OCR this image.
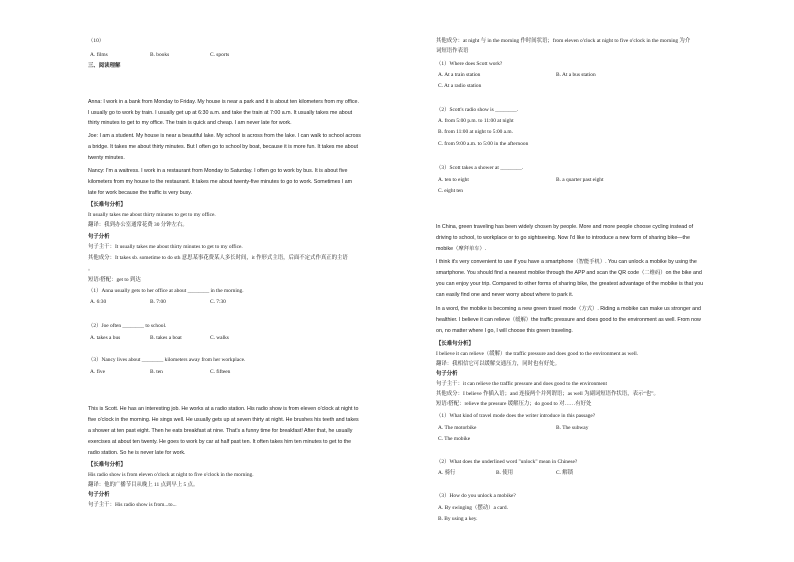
（10）
A. films	B. books	C. sports
三、阅读理解
Anna: I work in a bank from Monday to Friday. My house is near a park and it is about ten kilometers from my office.
I usually go to work by train. I usually get up at 6:30 a.m. and take the train at 7:00 a.m. It usually takes me about
thirty minutes to get to my office. The train is quick and cheap. I am never late for work.
Joe: I am a student. My house is near a beautiful lake. My school is across from the lake. I can walk to school across
a bridge. It takes me about thirty minutes. But I often go to school by boat, because it is more fun. It takes me about
twenty minutes.
Nancy: I'm a waitress. I work in a restaurant from Monday to Saturday. I often go to work by bus. It is about five
kilometers from my house to the restaurant. It takes me about twenty-five minutes to go to work. Sometimes I am
late for work because the traffic is very busy.
【长难句分析】
It usually takes me about thirty minutes to get to my office.
翻译：我到办公室通常花费 30 分钟左右。
句子分析
句子主干：It usually takes me about thirty minutes to get to my office.
其他成分：It takes sb. sometime to do sth 意思某事花费某人多长时间，it 作形式主语，后面不定式作真正的主语
。
短语/搭配：get to 到达
（1）Anna usually gets to her office at about ________ in the morning.
A. 6:30	B. 7:00	C. 7:30
（2）Joe often ________ to school.
A. takes a bus	B. takes a boat	C. walks
（3）Nancy lives about ________ kilometers away from her workplace.
A. five	B. ten	C. fifteen
This is Scott. He has an interesting job. He works at a radio station. His radio show is from eleven o'clock at night to
five o'clock in the morning. He sings well. He usually gets up at seven thirty at night. He brushes his teeth and takes
a shower at ten past eight. Then he eats breakfast at nine. That's a funny time for breakfast! After that, he usually
exercises at about ten twenty. He goes to work by car at half past ten. It often takes him ten minutes to get to the
radio station. So he is never late for work.
【长难句分析】
His radio show is from eleven o'clock at night to five o'clock in the morning.
翻译：他的广播节目从晚上 11 点到早上 5 点。
句子分析
句子主干：His radio show is from...to...
其他成分：at night 与 in the morning 作时间状语；from eleven o'clock at night to five o'clock in the morning 为介
词短语作表语
（1）Where does Scott work?
A. At a train station	B. At a bus station
C. At a radio station
（2）Scott's radio show is ________.
A. from 5:00 p.m. to 11:00 at night
B. from 11:00 at night to 5:00 a.m.
C. from 9:00 a.m. to 5:00 in the afternoon
（3）Scott takes a shower at ________.
A. ten to eight	B. a quarter past eight
C. eight ten
In China, green traveling has been widely chosen by people. More and more people choose cycling instead of
driving to school, to workplace or to go sightseeing. Now I'd like to introduce a new form of sharing bike—the
mobike（摩拜单车）.
I think it's very convenient to use if you have a smartphone（智能手机）. You can unlock a mobike by using the
smartphone. You should find a nearest mobike through the APP and scan the QR code（二维码）on the bike and
you can enjoy your trip. Compared to other forms of sharing bike, the greatest advantage of the mobike is that you
can easily find one and never worry about where to park it.
In a word, the mobike is becoming a new green travel mode（方式）. Riding a mobike can make us stronger and
healthier. I believe it can relieve（缓解）the traffic pressure and does good to the environment as well. From now
on, no matter where I go, I will choose this green traveling.
【长难句分析】
I believe it can relieve（缓解）the traffic pressure and does good to the environment as well.
翻译：我相信它可以缓解交通压力，同时也有好处。
句子分析
句子主干：it can relieve the traffic pressure and does good to the environment
其他成分：I believe 作插入语；and 连接两个并列谓语；as well 为副词短语作状语，表示“也”。
短语/搭配：relieve the pressure 缓解压力；do good to 对……有好处
（1）What kind of travel mode does the writer introduce in this passage?
A. The motorbike	B. The subway
C. The mobike
（2）What does the underlined word "unlock" mean in Chinese?
A. 骑行	B. 使用	C. 解锁
（3）How do you unlock a mobike?
A. By swinging（摆动）a card.
B. By using a key.
